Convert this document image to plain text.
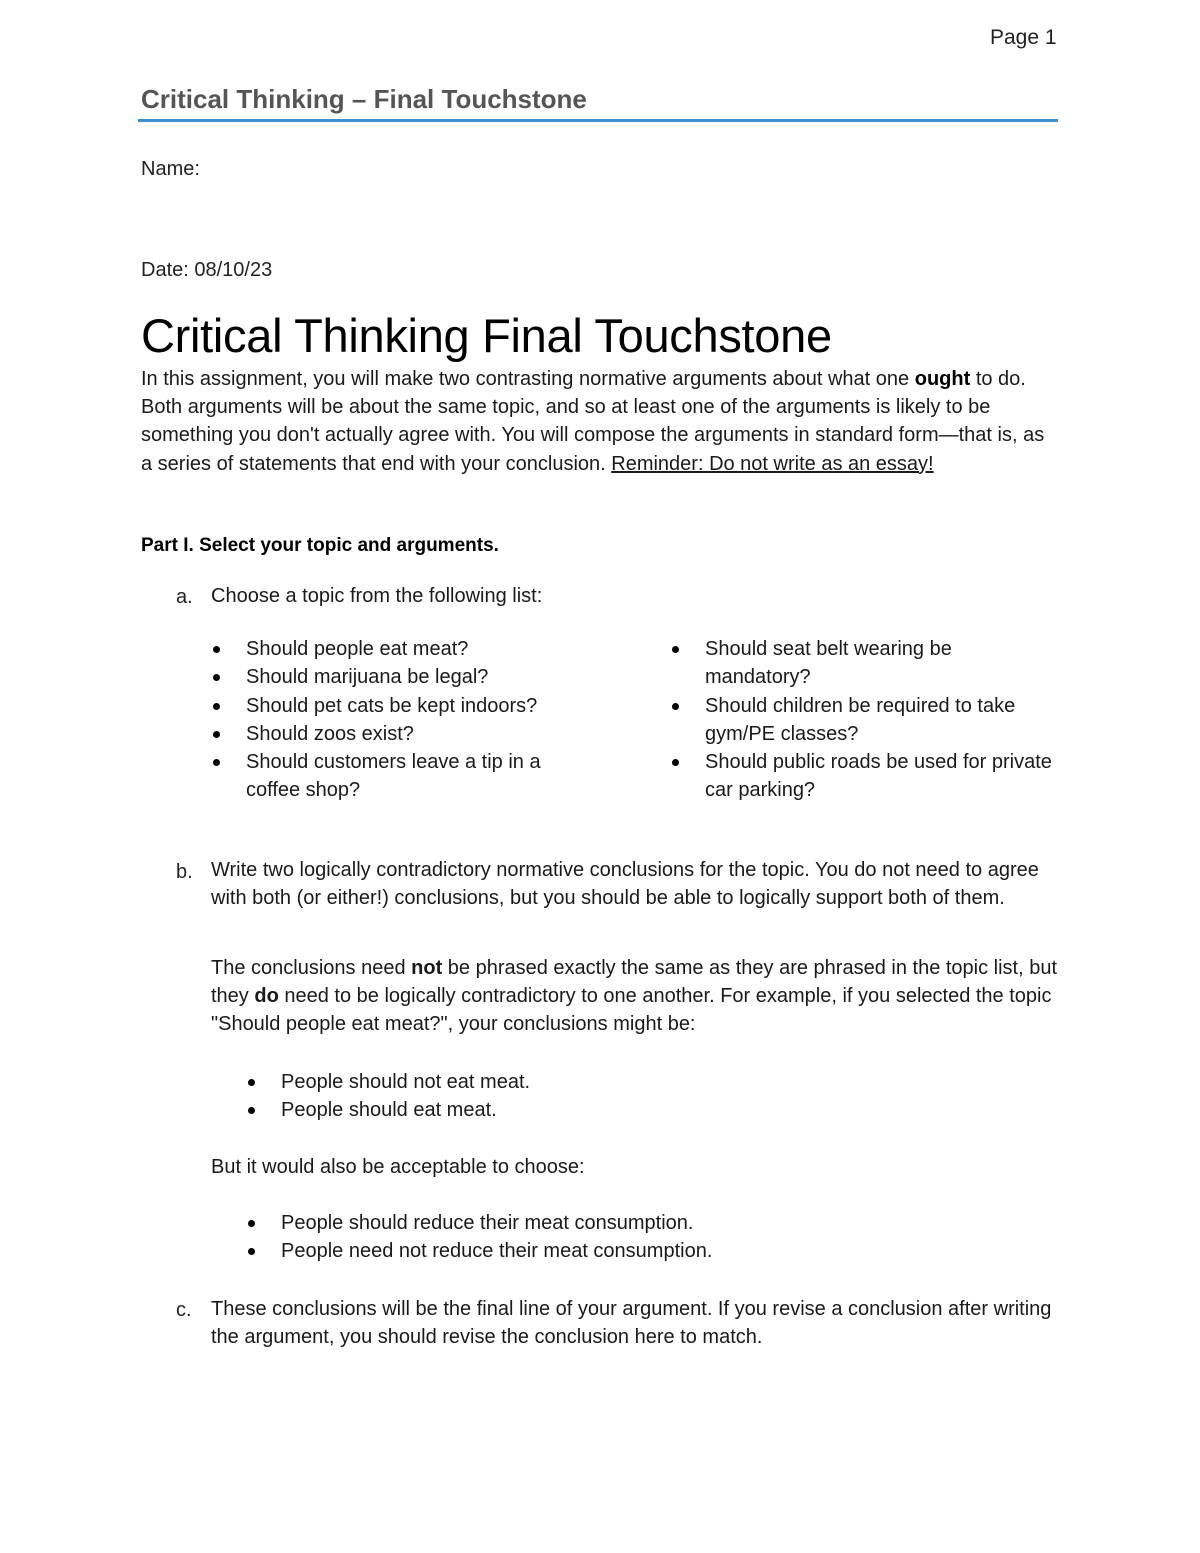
Page 1
Critical Thinking – Final Touchstone
Name:
Date: 08/10/23
Critical Thinking Final Touchstone
In this assignment, you will make two contrasting normative arguments about what one ought to do. Both arguments will be about the same topic, and so at least one of the arguments is likely to be something you don't actually agree with. You will compose the arguments in standard form—that is, as a series of statements that end with your conclusion. Reminder: Do not write as an essay!
Part I. Select your topic and arguments.
a. Choose a topic from the following list:
Should people eat meat?
Should marijuana be legal?
Should pet cats be kept indoors?
Should zoos exist?
Should customers leave a tip in a coffee shop?
Should seat belt wearing be mandatory?
Should children be required to take gym/PE classes?
Should public roads be used for private car parking?
b. Write two logically contradictory normative conclusions for the topic. You do not need to agree with both (or either!) conclusions, but you should be able to logically support both of them.
The conclusions need not be phrased exactly the same as they are phrased in the topic list, but they do need to be logically contradictory to one another. For example, if you selected the topic "Should people eat meat?", your conclusions might be:
People should not eat meat.
People should eat meat.
But it would also be acceptable to choose:
People should reduce their meat consumption.
People need not reduce their meat consumption.
c. These conclusions will be the final line of your argument. If you revise a conclusion after writing the argument, you should revise the conclusion here to match.
